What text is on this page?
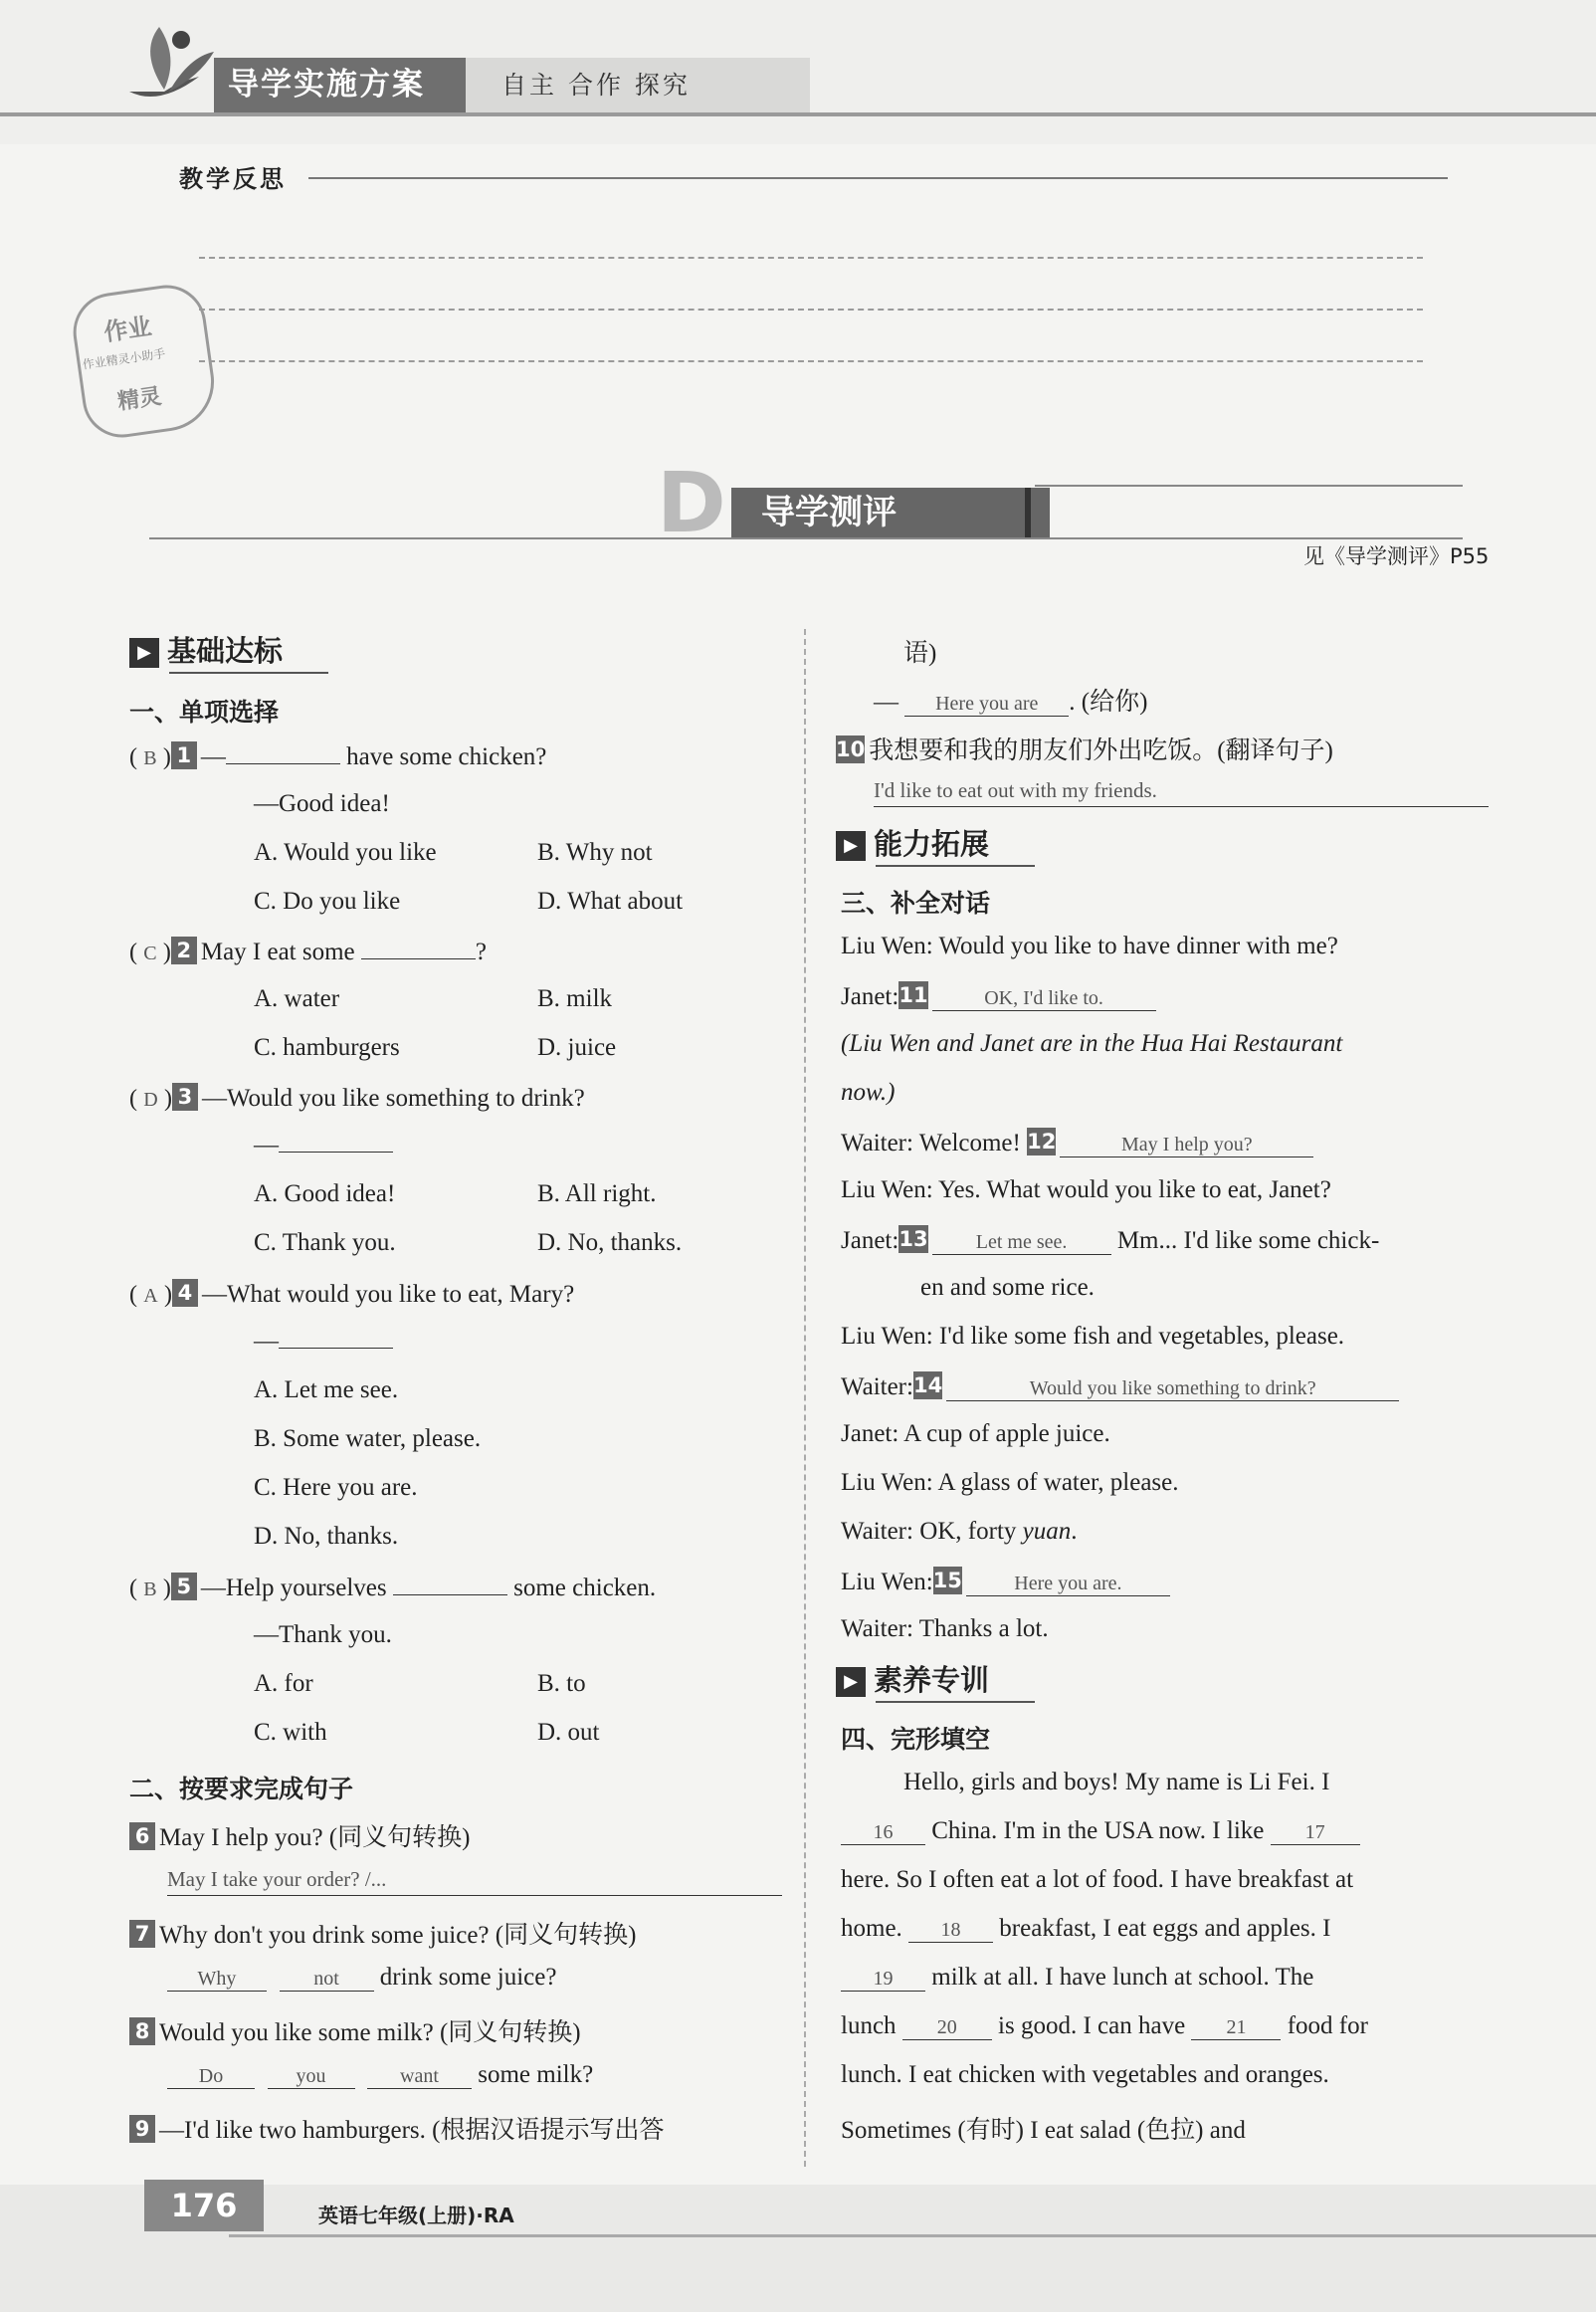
导学实施方案	自主 合作 探究
教学反思
作业
作业精灵小助手
精灵
D	导学测评
见《导学测评》P55
▶ 基础达标
一、单项选择
( B ) 1 —	have some chicken?
—Good idea!
A. Would you like	B. Why not
C. Do you like	D. What about
( C ) 2 May I eat some	?
A. water	B. milk
C. hamburgers	D. juice
( D ) 3 —Would you like something to drink?
—
A. Good idea!	B. All right.
C. Thank you.	D. No, thanks.
( A ) 4 —What would you like to eat, Mary?
—
A. Let me see.
B. Some water, please.
C. Here you are.
D. No, thanks.
( B ) 5 —Help yourselves	some chicken.
—Thank you.
A. for	B. to
C. with	D. out
二、按要求完成句子
6 May I help you? (同义句转换)
May I take your order? /...
7 Why don't you drink some juice? (同义句转换)
Why	not drink some juice?
8 Would you like some milk? (同义句转换)
Do	you	want some milk?
9 —I'd like two hamburgers. (根据汉语提示写出答
语)
— Here you are . (给你)
10 我想要和我的朋友们外出吃饭。(翻译句子)
I'd like to eat out with my friends.
▶ 能力拓展
三、补全对话
Liu Wen: Would you like to have dinner with me?
Janet:11	OK, I'd like to.
(Liu Wen and Janet are in the Hua Hai Restaurant
now.)
Waiter: Welcome! 12	May I help you?
Liu Wen: Yes. What would you like to eat, Janet?
Janet:13 Let me see. Mm... I'd like some chick-
en and some rice.
Liu Wen: I'd like some fish and vegetables, please.
Waiter:14	Would you like something to drink?
Janet: A cup of apple juice.
Liu Wen: A glass of water, please.
Waiter: OK, forty yuan.
Liu Wen:15	Here you are.
Waiter: Thanks a lot.
▶ 素养专训
四、完形填空
Hello, girls and boys! My name is Li Fei. I
16 China. I'm in the USA now. I like 17
here. So I often eat a lot of food. I have breakfast at
home. 18 breakfast, I eat eggs and apples. I
19 milk at all. I have lunch at school. The
lunch 20 is good. I can have 21 food for
lunch. I eat chicken with vegetables and oranges.
Sometimes (有时) I eat salad (色拉) and
176	英语七年级(上册)·RA
